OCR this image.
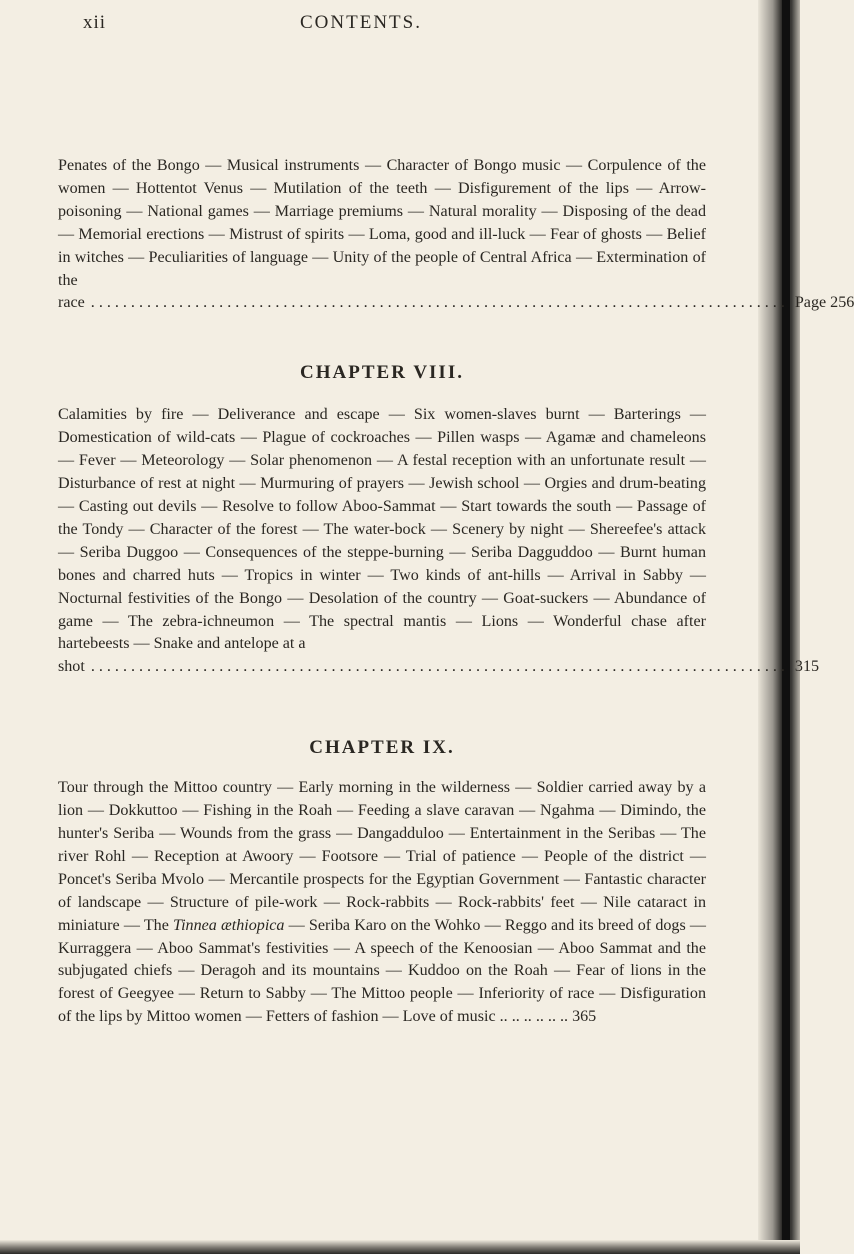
xii	CONTENTS.

Penates of the Bongo — Musical instruments — Character of Bongo music — Corpulence of the women — Hottentot Venus — Mutilation of the teeth — Disfigurement of the lips — Arrow-poisoning — National games — Marriage premiums — Natural morality — Disposing of the dead — Memorial erections — Mistrust of spirits — Loma, good and ill-luck — Fear of ghosts — Belief in witches — Peculiarities of language — Unity of the people of Central Africa — Extermination of the

race ....................................................................................... Page 256
CHAPTER VIII.

Calamities by fire — Deliverance and escape — Six women-slaves burnt — Barterings — Domestication of wild-cats — Plague of cockroaches — Pillen wasps — Agamæ and chameleons — Fever — Meteorology — Solar phenomenon — A festal reception with an unfortunate result — Disturbance of rest at night — Murmuring of prayers — Jewish school — Orgies and drum-beating — Casting out devils — Resolve to follow Aboo-Sammat — Start towards the south — Passage of the Tondy — Character of the forest — The water-bock — Scenery by night — Shereefee's attack — Seriba Duggoo — Consequences of the steppe-burning — Seriba Dagguddoo — Burnt human bones and charred huts — Tropics in winter — Two kinds of ant-hills — Arrival in Sabby — Nocturnal festivities of the Bongo — Desolation of the country — Goat-suckers — Abundance of game — The zebra-ichneumon — The spectral mantis — Lions — Wonderful chase after hartebeests — Snake and antelope at a

shot ....................................................................................... 315
CHAPTER IX.

Tour through the Mittoo country — Early morning in the wilderness — Soldier carried away by a lion — Dokkuttoo — Fishing in the Roah — Feeding a slave caravan — Ngahma — Dimindo, the hunter's Seriba — Wounds from the grass — Dangadduloo — Entertainment in the Seribas — The river Rohl — Reception at Awoory — Footsore — Trial of patience — People of the district — Poncet's Seriba Mvolo — Mercantile prospects for the Egyptian Government — Fantastic character of landscape — Structure of pile-work — Rock-rabbits — Rock-rabbits' feet — Nile cataract in miniature — The Tinnea æthiopica — Seriba Karo on the Wohko — Reggo and its breed of dogs — Kurraggera — Aboo Sammat's festivities — A speech of the Kenoosian — Aboo Sammat and the subjugated chiefs — Deragoh and its mountains — Kuddoo on the Roah — Fear of lions in the forest of Geegyee — Return to Sabby — The Mittoo people — Inferiority of race — Disfiguration of the lips by Mittoo women — Fetters of fashion — Love of music .. .. .. .. .. .. 365
